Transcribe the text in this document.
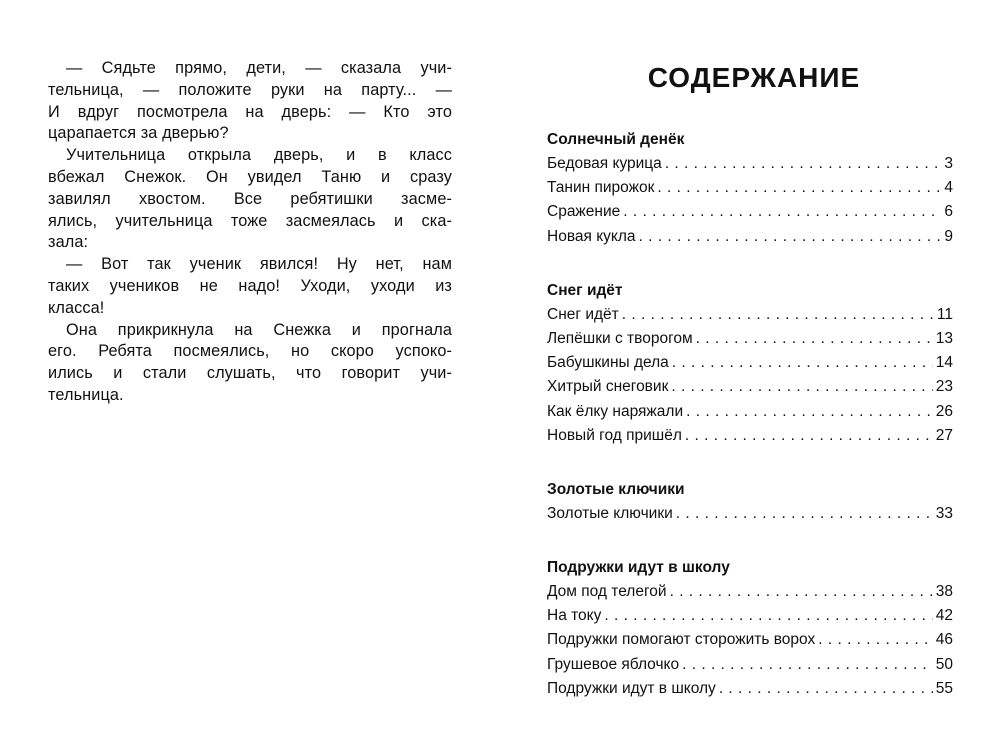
— Сядьте прямо, дети, — сказала учи-
тельница, — положите руки на парту... —
И вдруг посмотрела на дверь: — Кто это
царапается за дверью?

Учительница открыла дверь, и в класс
вбежал Снежок. Он увидел Таню и сразу
завилял хвостом. Все ребятишки засме-
ялись, учительница тоже засмеялась и ска-
зала:

— Вот так ученик явился! Ну нет, нам
таких учеников не надо! Уходи, уходи из
класса!

Она прикрикнула на Снежка и прогнала
его. Ребята посмеялись, но скоро успоко-
ились и стали слушать, что говорит учи-
тельница.

СОДЕРЖАНИЕ
Солнечный денёк
Бедовая курица . . .	3
Танин пирожок . . .	4
Сражение . . .	6
Новая кукла . . .	9
Снег идёт
Снег идёт . . .	11
Лепёшки с творогом . . .	13
Бабушкины дела . . .	14
Хитрый снеговик . . .	23
Как ёлку наряжали . . .	26
Новый год пришёл . . .	27
Золотые ключики
Золотые ключики . . .	33
Подружки идут в школу
Дом под телегой . . .	38
На току . . .	42
Подружки помогают сторожить ворох . . .	46
Грушевое яблочко . . .	50
Подружки идут в школу . . .	55
